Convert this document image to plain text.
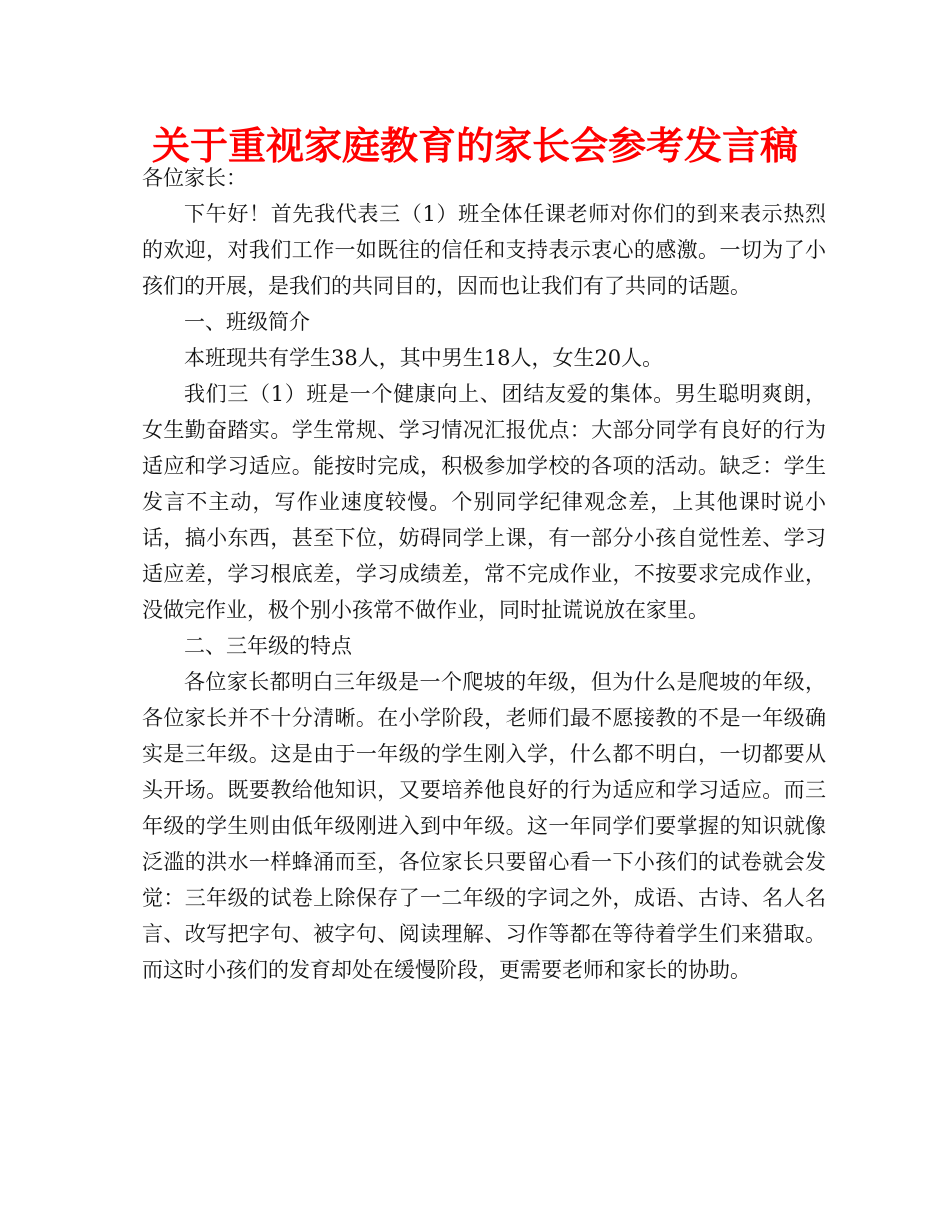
关于重视家庭教育的家长会参考发言稿

各位家长：

下午好！首先我代表三（1）班全体任课老师对你们的到来表示热烈的欢迎，对我们工作一如既往的信任和支持表示衷心的感激。一切为了小孩们的开展，是我们的共同目的，因而也让我们有了共同的话题。

一、班级简介

本班现共有学生38人，其中男生18人，女生20人。

我们三（1）班是一个健康向上、团结友爱的集体。男生聪明爽朗，女生勤奋踏实。学生常规、学习情况汇报优点：大部分同学有良好的行为适应和学习适应。能按时完成，积极参加学校的各项的活动。缺乏：学生发言不主动，写作业速度较慢。个别同学纪律观念差，上其他课时说小话，搞小东西，甚至下位，妨碍同学上课，有一部分小孩自觉性差、学习适应差，学习根底差，学习成绩差，常不完成作业，不按要求完成作业，没做完作业，极个别小孩常不做作业，同时扯谎说放在家里。

二、三年级的特点

各位家长都明白三年级是一个爬坡的年级，但为什么是爬坡的年级，各位家长并不十分清晰。在小学阶段，老师们最不愿接教的不是一年级确实是三年级。这是由于一年级的学生刚入学，什么都不明白，一切都要从头开场。既要教给他知识，又要培养他良好的行为适应和学习适应。而三年级的学生则由低年级刚进入到中年级。这一年同学们要掌握的知识就像泛滥的洪水一样蜂涌而至，各位家长只要留心看一下小孩们的试卷就会发觉：三年级的试卷上除保存了一二年级的字词之外，成语、古诗、名人名言、改写把字句、被字句、阅读理解、习作等都在等待着学生们来猎取。而这时小孩们的发育却处在缓慢阶段，更需要老师和家长的协助。
